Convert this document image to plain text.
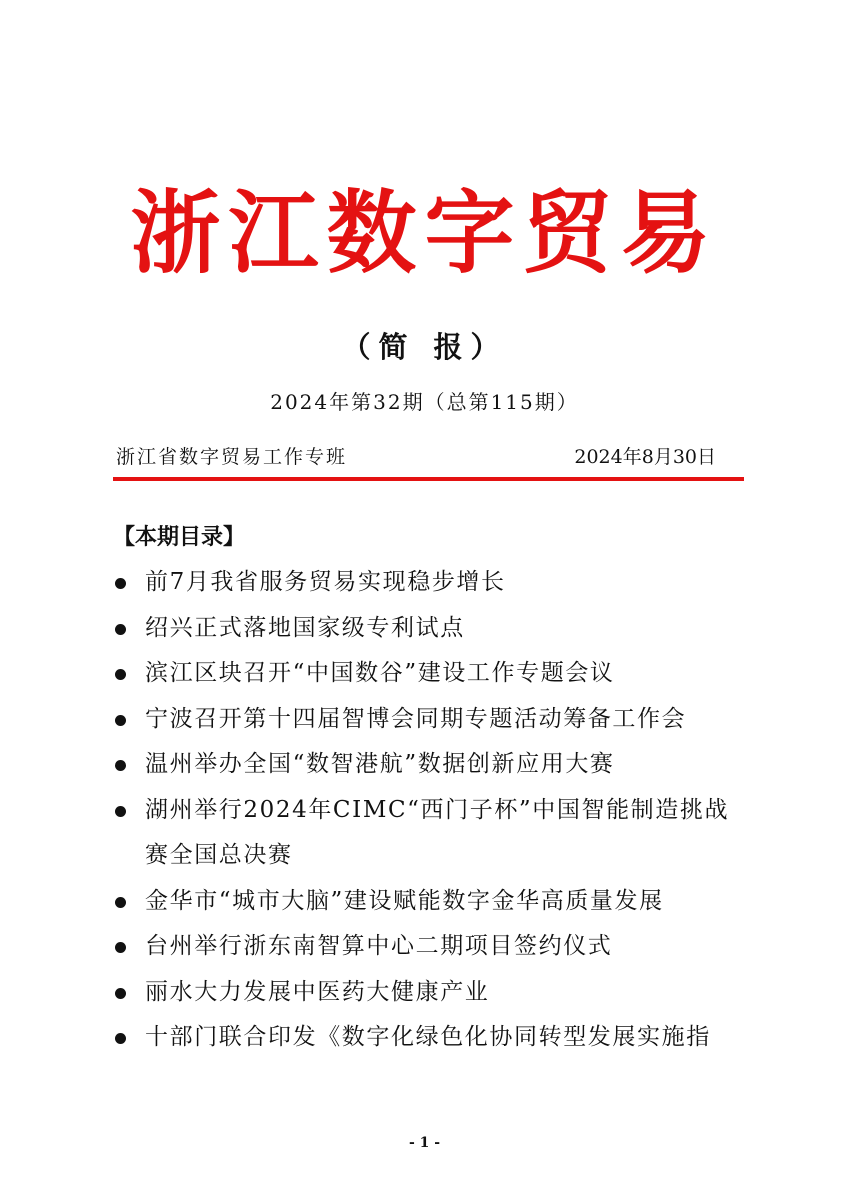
浙江数字贸易
（简 报）
2024年第32期（总第115期）
浙江省数字贸易工作专班	2024年8月30日
【本期目录】
前7月我省服务贸易实现稳步增长
绍兴正式落地国家级专利试点
滨江区块召开“中国数谷”建设工作专题会议
宁波召开第十四届智博会同期专题活动筹备工作会
温州举办全国“数智港航”数据创新应用大赛
湖州举行2024年CIMC“西门子杯”中国智能制造挑战赛全国总决赛
金华市“城市大脑”建设赋能数字金华高质量发展
台州举行浙东南智算中心二期项目签约仪式
丽水大力发展中医药大健康产业
十部门联合印发《数字化绿色化协同转型发展实施指
- 1 -
